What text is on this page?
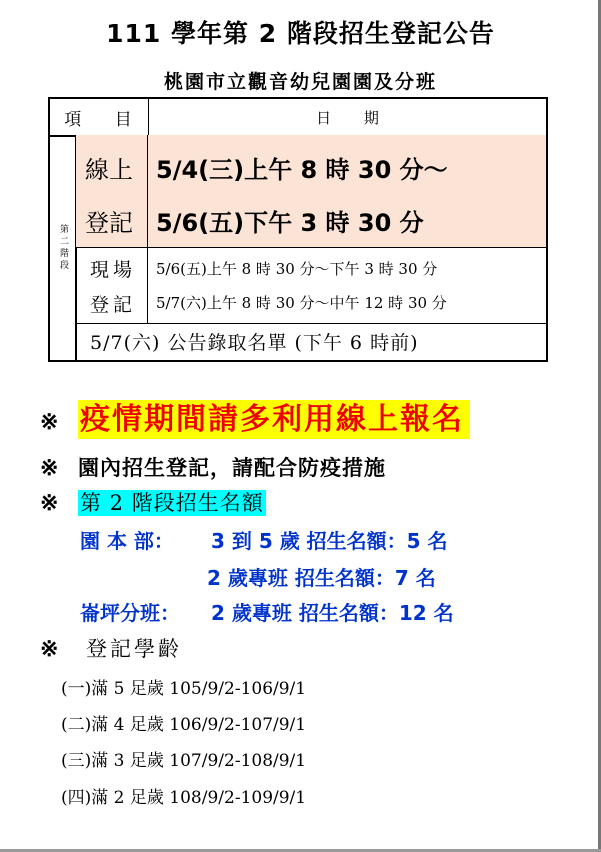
111 學年第 2 階段招生登記公告
桃園市立觀音幼兒園園及分班
項 目	日 期
第二階段
線上
登記
5/4(三)上午 8 時 30 分～
5/6(五)下午 3 時 30 分
現場
登記
5/6(五)上午 8 時 30 分～下午 3 時 30 分
5/7(六)上午 8 時 30 分～中午 12 時 30 分
5/7(六) 公告錄取名單 (下午 6 時前)
※ 疫情期間請多利用線上報名
※ 園內招生登記，請配合防疫措施
※ 第 2 階段招生名額
園 本 部： 3 到 5 歲 招生名額：5 名
2 歲專班 招生名額：7 名
崙坪分班： 2 歲專班 招生名額：12 名
※ 登記學齡
(一)滿 5 足歲 105/9/2-106/9/1
(二)滿 4 足歲 106/9/2-107/9/1
(三)滿 3 足歲 107/9/2-108/9/1
(四)滿 2 足歲 108/9/2-109/9/1
